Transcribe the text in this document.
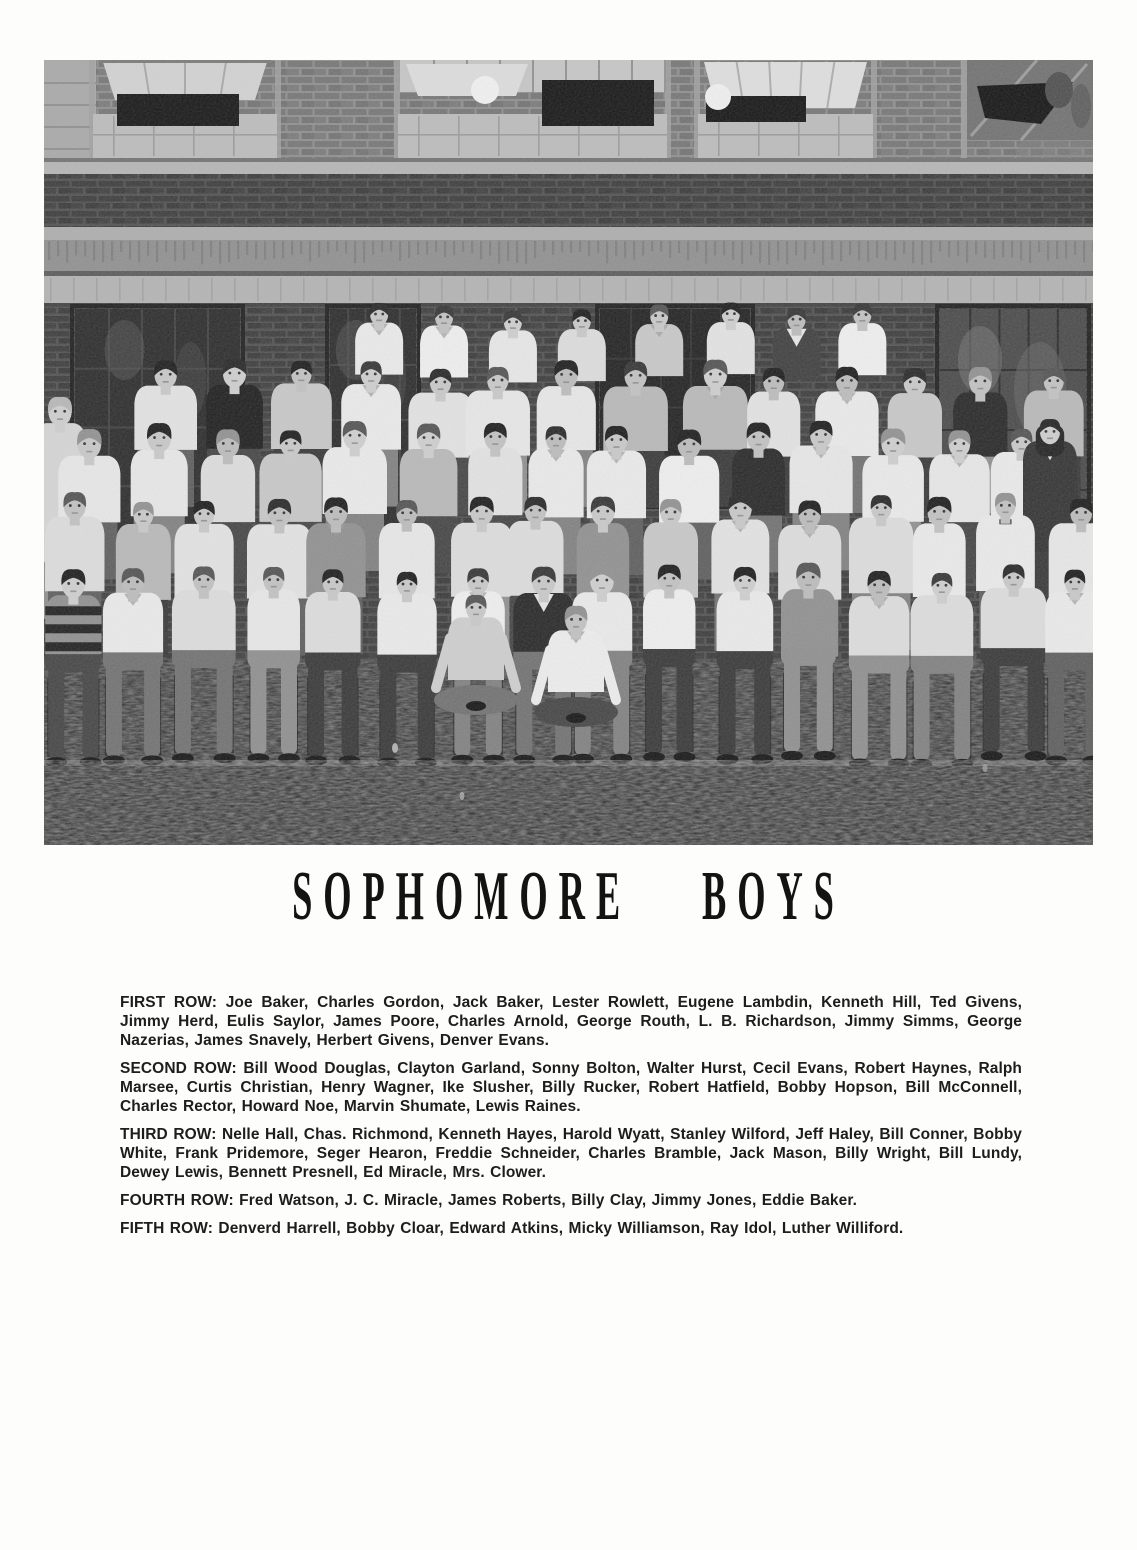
SOPHOMORE BOYS

FIRST ROW: Joe Baker, Charles Gordon, Jack Baker, Lester Rowlett, Eugene Lambdin, Kenneth Hill, Ted Givens, Jimmy Herd, Eulis Saylor, James Poore, Charles Arnold, George Routh, L. B. Richardson, Jimmy Simms, George Nazerias, James Snavely, Herbert Givens, Denver Evans.

SECOND ROW: Bill Wood Douglas, Clayton Garland, Sonny Bolton, Walter Hurst, Cecil Evans, Robert Haynes, Ralph Marsee, Curtis Christian, Henry Wagner, Ike Slusher, Billy Rucker, Robert Hatfield, Bobby Hopson, Bill McConnell, Charles Rector, Howard Noe, Marvin Shumate, Lewis Raines.

THIRD ROW: Nelle Hall, Chas. Richmond, Kenneth Hayes, Harold Wyatt, Stanley Wilford, Jeff Haley, Bill Conner, Bobby White, Frank Pridemore, Seger Hearon, Freddie Schneider, Charles Bramble, Jack Mason, Billy Wright, Bill Lundy, Dewey Lewis, Bennett Presnell, Ed Miracle, Mrs. Clower.

FOURTH ROW: Fred Watson, J. C. Miracle, James Roberts, Billy Clay, Jimmy Jones, Eddie Baker.

FIFTH ROW: Denverd Harrell, Bobby Cloar, Edward Atkins, Micky Williamson, Ray Idol, Luther Williford.
